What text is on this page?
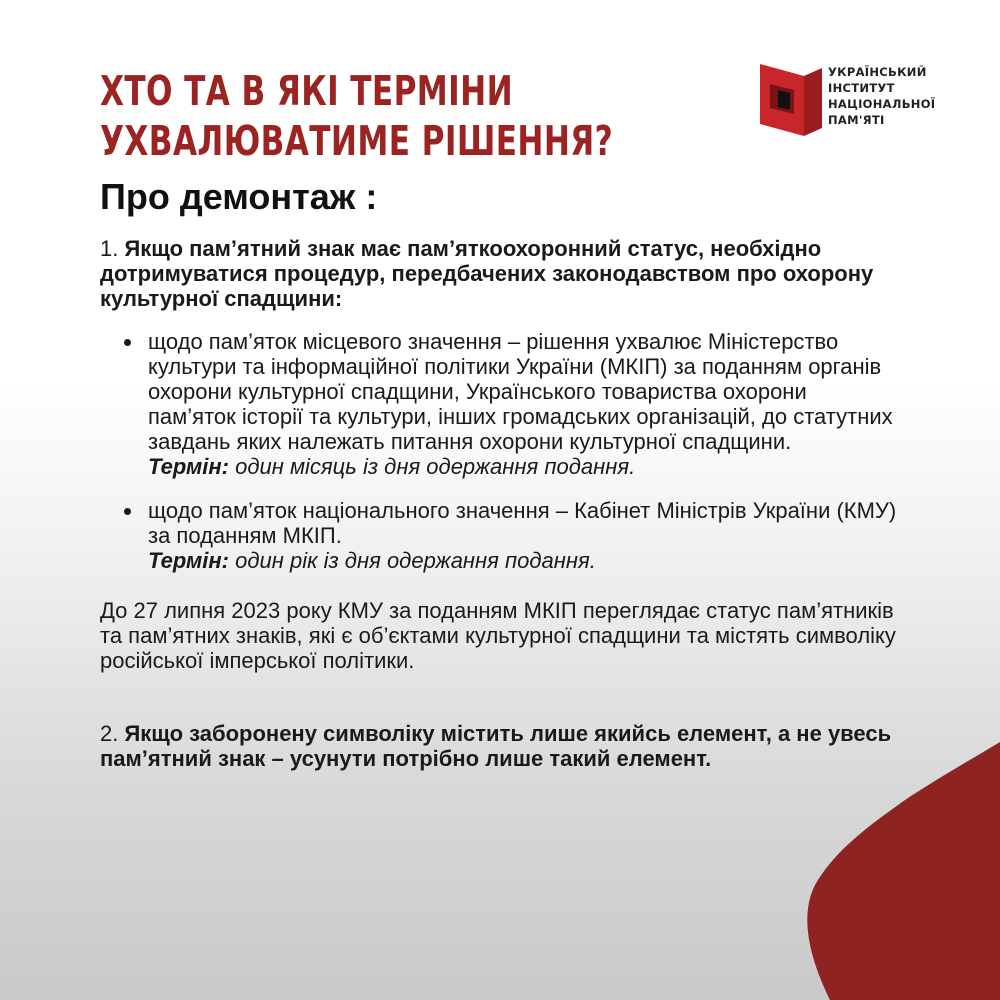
ХТО ТА В ЯКІ ТЕРМІНИ
УХВАЛЮВАТИМЕ РІШЕННЯ?
Про демонтаж :
УКРАЇНСЬКИЙ
ІНСТИТУТ
НАЦІОНАЛЬНОЇ
ПАМ'ЯТІ

1. Якщо пам’ятний знак має пам’яткоохоронний статус, необхідно дотримуватися процедур, передбачених законодавством про охорону культурної спадщини:

щодо пам’яток місцевого значення – рішення ухвалює Міністерство культури та інформаційної політики України (МКІП) за поданням органів охорони культурної спадщини, Українського товариства охорони пам’яток історії та культури, інших громадських організацій, до статутних завдань яких належать питання охорони культурної спадщини.
Термін: один місяць із дня одержання подання.
щодо пам’яток національного значення – Кабінет Міністрів України (КМУ) за поданням МКІП.
Термін: один рік із дня одержання подання.

До 27 липня 2023 року КМУ за поданням МКІП переглядає статус пам’ятників та пам’ятних знаків, які є об’єктами культурної спадщини та містять символіку російської імперської політики.

2. Якщо заборонену символіку містить лише якийсь елемент, а не увесь пам’ятний знак – усунути потрібно лише такий елемент.
